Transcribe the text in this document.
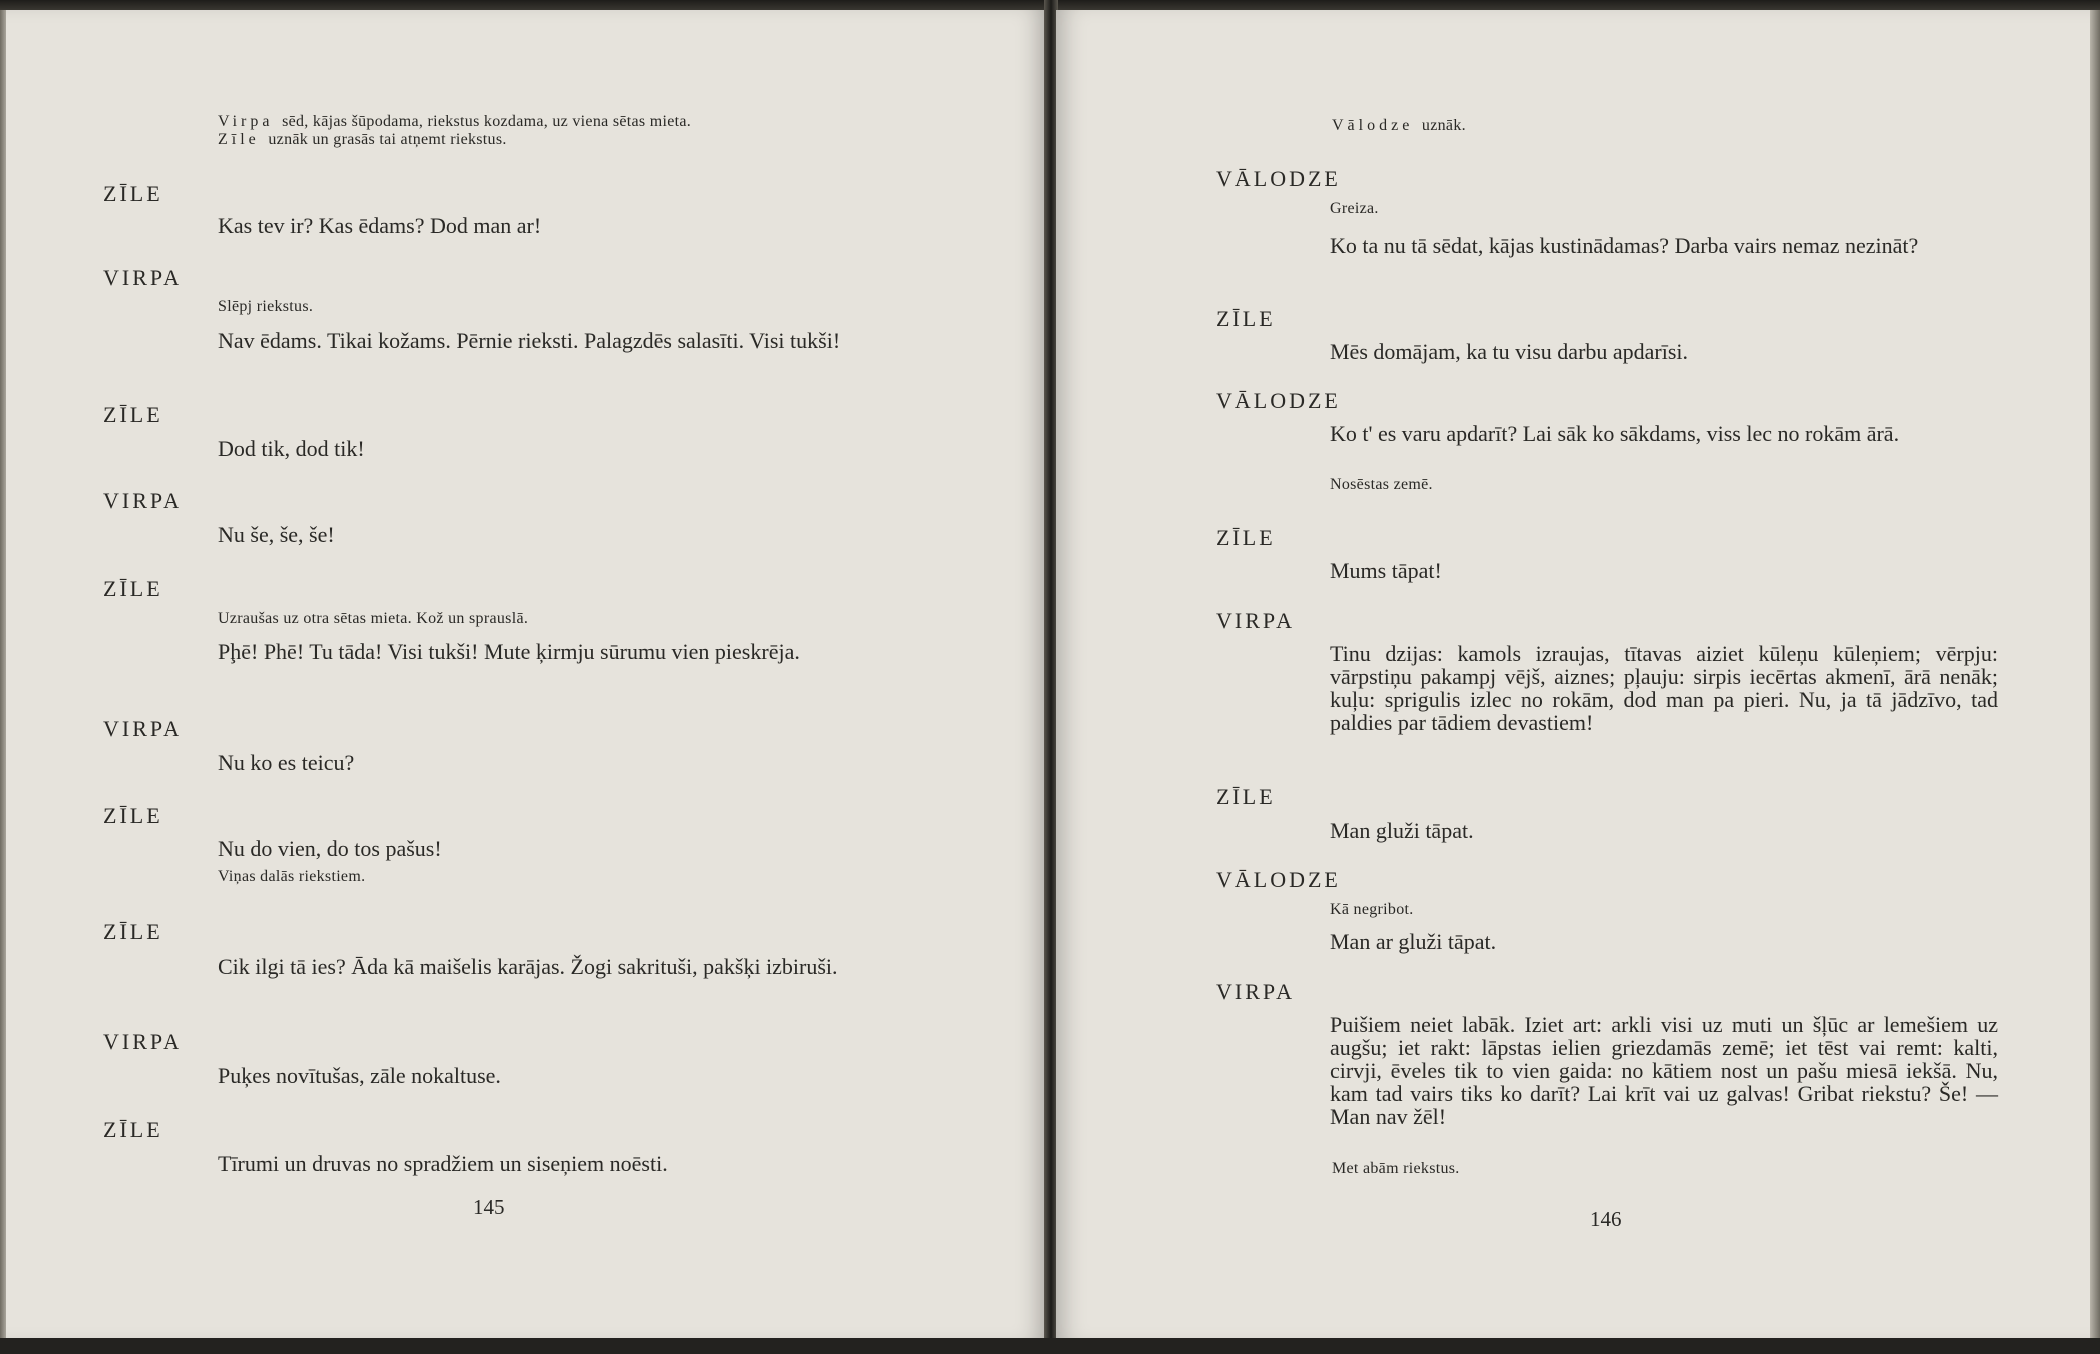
Virpa sēd, kājas šūpodama, riekstus kozdama, uz viena sētas mieta.
Zīle uznāk un grasās tai atņemt riekstus.
ZĪLE
Kas tev ir? Kas ēdams? Dod man ar!
VIRPA
Slēpj riekstus.
Nav ēdams. Tikai kožams. Pērnie rieksti. Palagzdēs salasīti. Visi tukši!
ZĪLE
Dod tik, dod tik!
VIRPA
Nu še, še, še!
ZĪLE
Uzraušas uz otra sētas mieta. Kož un sprauslā.
Pḩē! Phē! Tu tāda! Visi tukši! Mute ķirmju sūrumu vien pieskrēja.
VIRPA
Nu ko es teicu?
ZĪLE
Nu do vien, do tos pašus!
Viņas dalās riekstiem.
ZĪLE
Cik ilgi tā ies? Āda kā maišelis karājas. Žogi sakrituši, pakšķi izbiruši.
VIRPA
Puķes novītušas, zāle nokaltuse.
ZĪLE
Tīrumi un druvas no spradžiem un siseņiem noēsti.
145
Vālodze uznāk.
VĀLODZE
Greiza.
Ko ta nu tā sēdat, kājas kustinādamas? Darba vairs nemaz nezināt?
ZĪLE
Mēs domājam, ka tu visu darbu apdarīsi.
VĀLODZE
Ko t' es varu apdarīt? Lai sāk ko sākdams, viss lec no rokām ārā.
Nosēstas zemē.
ZĪLE
Mums tāpat!
VIRPA
Tinu dzijas: kamols izraujas, tītavas aiziet kūleņu kūleņiem; vērpju: vārpstiņu pakampj vējš, aiznes; pļauju: sirpis iecērtas akmenī, ārā nenāk; kuļu: sprigulis izlec no rokām, dod man pa pieri. Nu, ja tā jādzīvo, tad paldies par tādiem devastiem!
ZĪLE
Man gluži tāpat.
VĀLODZE
Kā negribot.
Man ar gluži tāpat.
VIRPA
Puišiem neiet labāk. Iziet art: arkli visi uz muti un šļūc ar lemešiem uz augšu; iet rakt: lāpstas ielien griezdamās zemē; iet tēst vai remt: kalti, cirvji, ēveles tik to vien gaida: no kātiem nost un pašu miesā iekšā. Nu, kam tad vairs tiks ko darīt? Lai krīt vai uz galvas! Gribat riekstu? Še! — Man nav žēl!
Met abām riekstus.
146
